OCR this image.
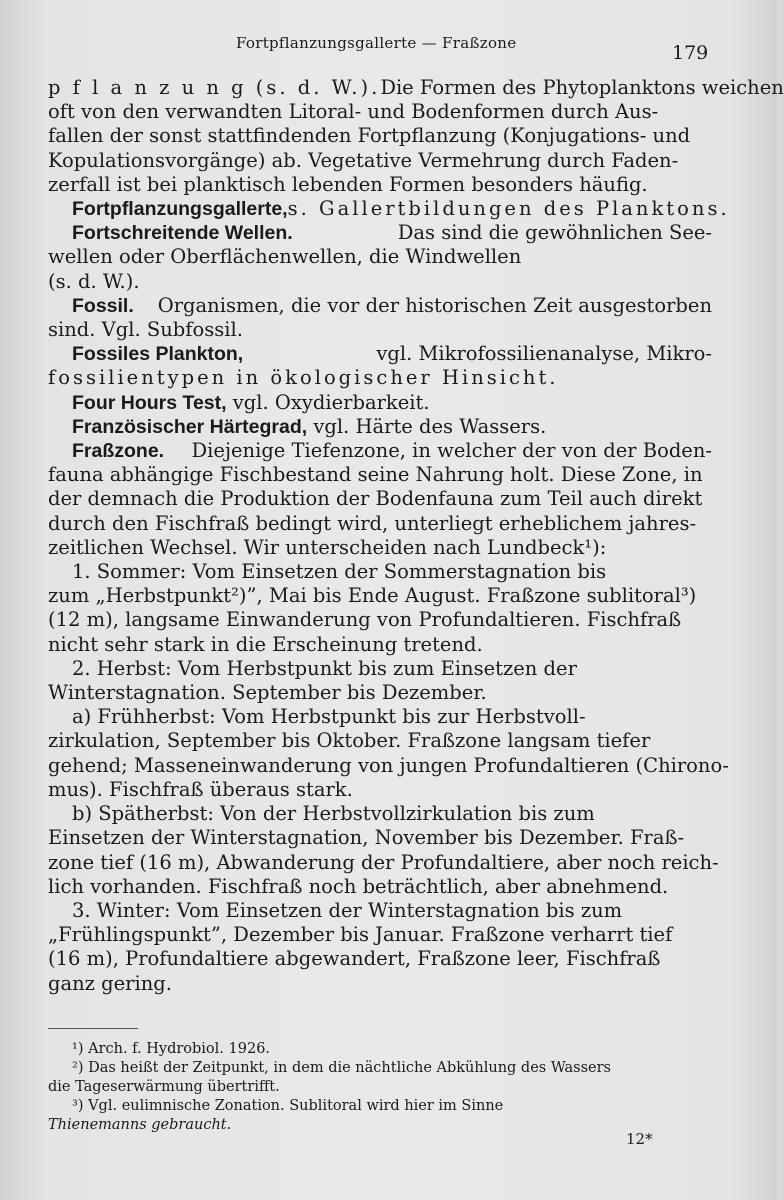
Fortpflanzungsgallerte — Fraßzone	179
p f l a n z u n g (s. d. W.). Die Formen des Phytoplanktons weichen
oft von den verwandten Litoral- und Bodenformen durch Aus-
fallen der sonst stattfindenden Fortpflanzung (Konjugations- und
Kopulationsvorgänge) ab. Vegetative Vermehrung durch Faden-
zerfall ist bei planktisch lebenden Formen besonders häufig.
Fortpflanzungsgallerte, s. Gallertbildungen des Planktons.
Fortschreitende Wellen.	Das sind die gewöhnlichen See-
wellen oder Oberflächenwellen, die Windwellen
(s. d. W.).
Fossil. Organismen, die vor der historischen Zeit ausgestorben
sind. Vgl. Subfossil.
Fossiles Plankton,	vgl. Mikrofossilienanalyse, Mikro-
fossilientypen in ökologischer Hinsicht.
Four Hours Test,
vgl. Oxydierbarkeit.
Französischer Härtegrad,
vgl. Härte des Wassers.
Fraßzone. Diejenige Tiefenzone, in welcher der von der Boden-
fauna abhängige Fischbestand seine Nahrung holt. Diese Zone, in
der demnach die Produktion der Bodenfauna zum Teil auch direkt
durch den Fischfraß bedingt wird, unterliegt erheblichem jahres-
zeitlichen Wechsel. Wir unterscheiden nach Lundbeck¹):
1. Sommer: Vom Einsetzen der Sommerstagnation bis
zum „Herbstpunkt²)”, Mai bis Ende August. Fraßzone sublitoral³)
(12 m), langsame Einwanderung von Profundaltieren. Fischfraß
nicht sehr stark in die Erscheinung tretend.
2. Herbst: Vom Herbstpunkt bis zum Einsetzen der
Winterstagnation. September bis Dezember.
a) Frühherbst: Vom Herbstpunkt bis zur Herbstvoll-
zirkulation, September bis Oktober. Fraßzone langsam tiefer
gehend; Masseneinwanderung von jungen Profundaltieren (Chirono-
mus). Fischfraß überaus stark.
b) Spätherbst: Von der Herbstvollzirkulation bis zum
Einsetzen der Winterstagnation, November bis Dezember. Fraß-
zone tief (16 m), Abwanderung der Profundaltiere, aber noch reich-
lich vorhanden. Fischfraß noch beträchtlich, aber abnehmend.
3. Winter: Vom Einsetzen der Winterstagnation bis zum
„Frühlingspunkt”, Dezember bis Januar. Fraßzone verharrt tief
(16 m), Profundaltiere abgewandert, Fraßzone leer, Fischfraß
ganz gering.
¹) Arch. f. Hydrobiol. 1926.
²) Das heißt der Zeitpunkt, in dem die nächtliche Abkühlung des Wassers
die Tageserwärmung übertrifft.
³) Vgl. eulimnische Zonation. Sublitoral wird hier im Sinne
Thienemanns gebraucht.
12*
